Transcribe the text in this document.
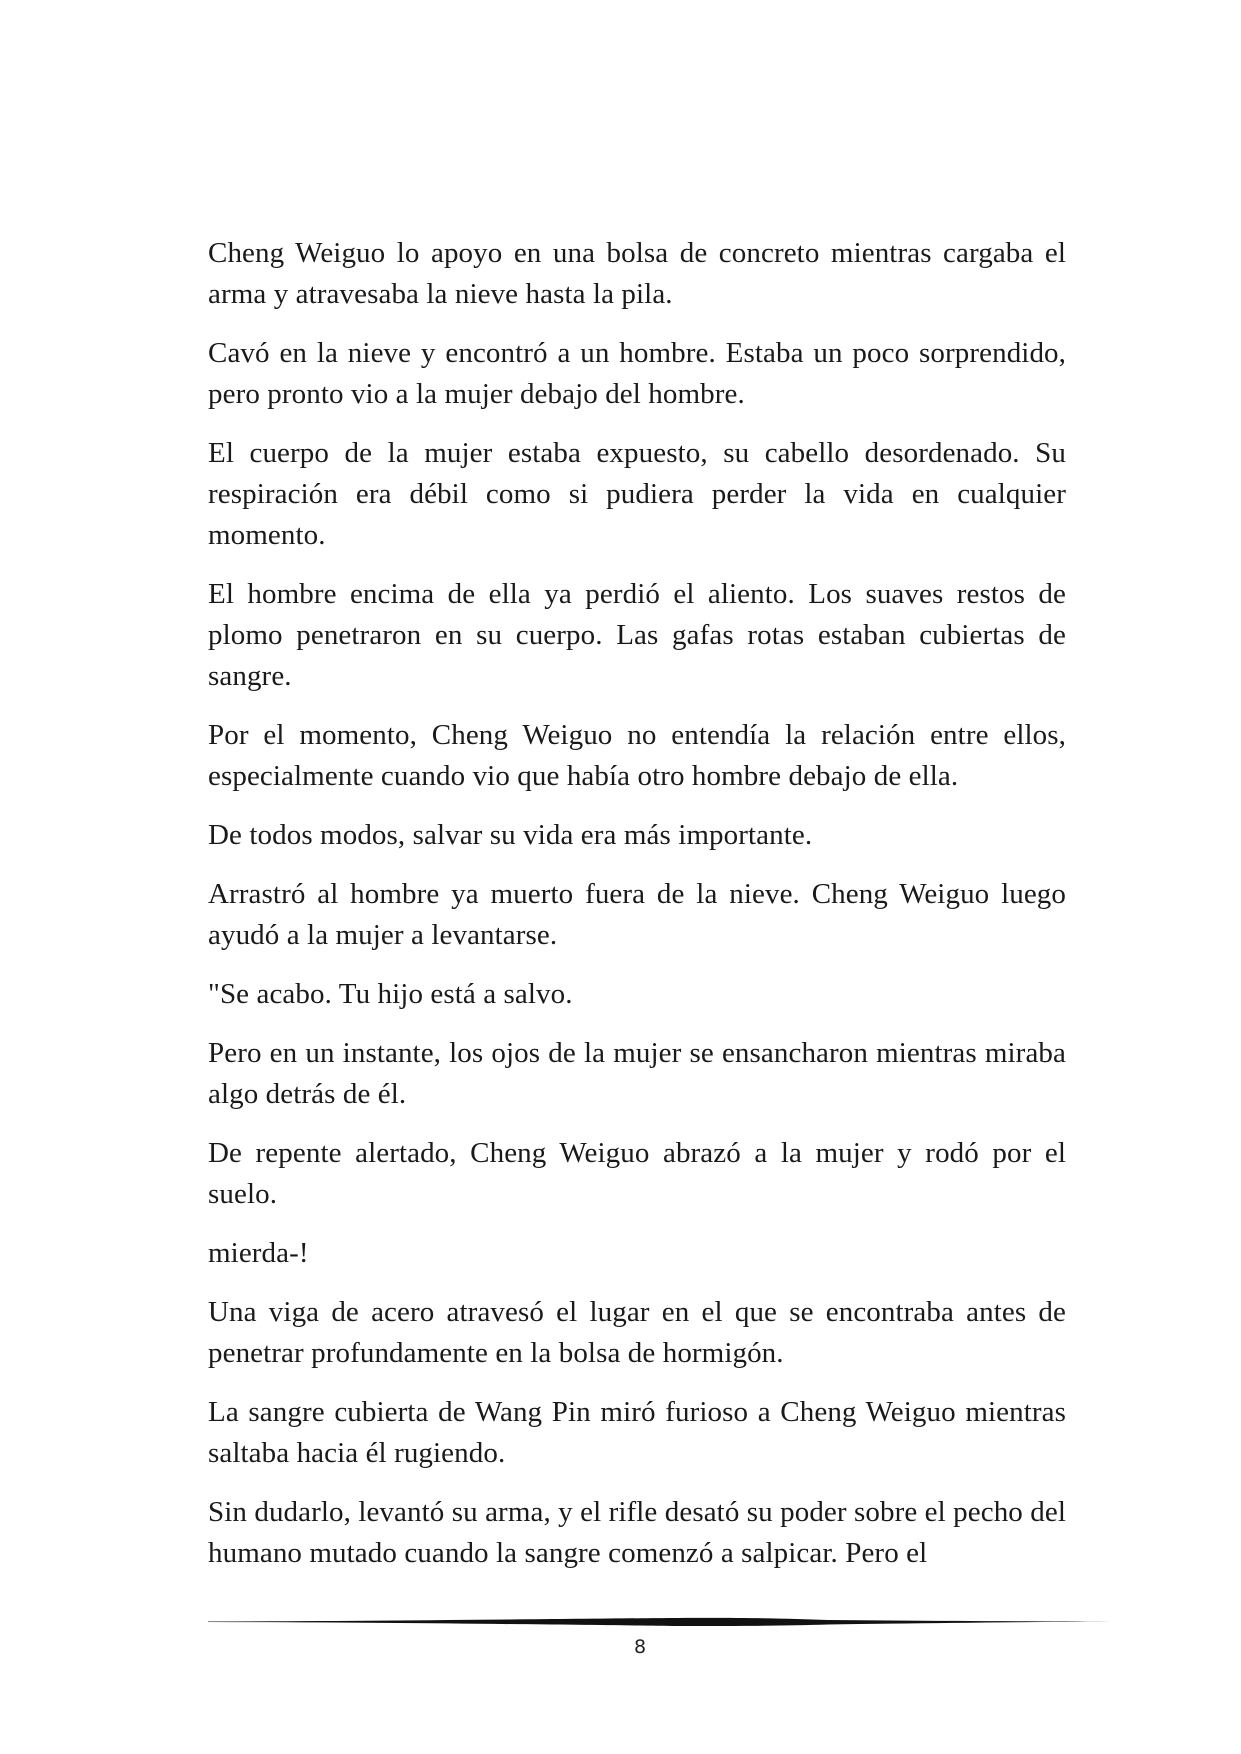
Cheng Weiguo lo apoyo en una bolsa de concreto mientras cargaba el arma y atravesaba la nieve hasta la pila.

Cavó en la nieve y encontró a un hombre. Estaba un poco sorprendido, pero pronto vio a la mujer debajo del hombre.

El cuerpo de la mujer estaba expuesto, su cabello desordenado. Su respiración era débil como si pudiera perder la vida en cualquier momento.

El hombre encima de ella ya perdió el aliento. Los suaves restos de plomo penetraron en su cuerpo. Las gafas rotas estaban cubiertas de sangre.

Por el momento, Cheng Weiguo no entendía la relación entre ellos, especialmente cuando vio que había otro hombre debajo de ella.

De todos modos, salvar su vida era más importante.

Arrastró al hombre ya muerto fuera de la nieve. Cheng Weiguo luego ayudó a la mujer a levantarse.

"Se acabo. Tu hijo está a salvo.

Pero en un instante, los ojos de la mujer se ensancharon mientras miraba algo detrás de él.

De repente alertado, Cheng Weiguo abrazó a la mujer y rodó por el suelo.

mierda-!

Una viga de acero atravesó el lugar en el que se encontraba antes de penetrar profundamente en la bolsa de hormigón.

La sangre cubierta de Wang Pin miró furioso a Cheng Weiguo mientras saltaba hacia él rugiendo.

Sin dudarlo, levantó su arma, y el rifle desató su poder sobre el pecho del humano mutado cuando la sangre comenzó a salpicar. Pero el

8
